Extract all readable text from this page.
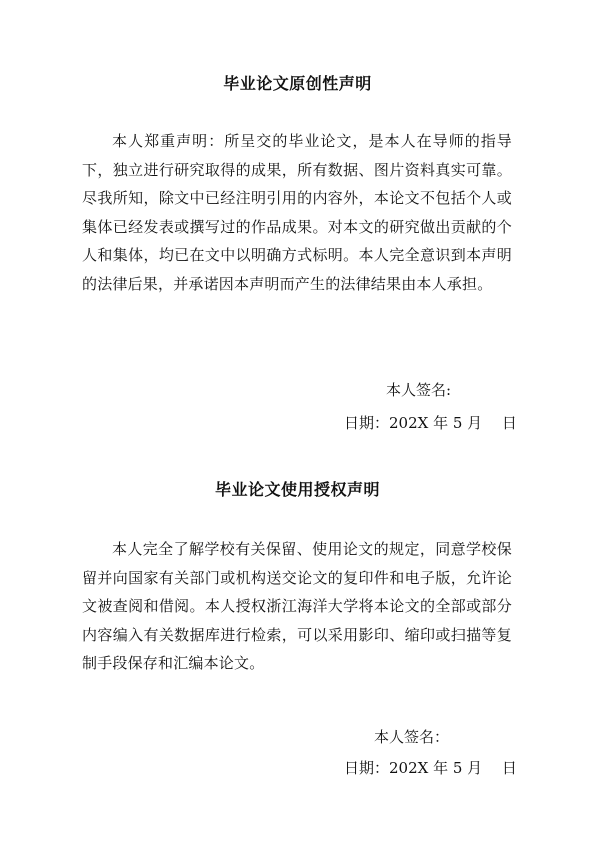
毕业论文原创性声明

本人郑重声明：所呈交的毕业论文，是本人在导师的指导下，独立进行研究取得的成果，所有数据、图片资料真实可靠。尽我所知，除文中已经注明引用的内容外，本论文不包括个人或集体已经发表或撰写过的作品成果。对本文的研究做出贡献的个人和集体，均已在文中以明确方式标明。本人完全意识到本声明的法律后果，并承诺因本声明而产生的法律结果由本人承担。

本人签名:
日期：202X 年 5 月　 日
毕业论文使用授权声明

本人完全了解学校有关保留、使用论文的规定，同意学校保留并向国家有关部门或机构送交论文的复印件和电子版，允许论文被查阅和借阅。本人授权浙江海洋大学将本论文的全部或部分内容编入有关数据库进行检索，可以采用影印、缩印或扫描等复制手段保存和汇编本论文。

本人签名：
日期：202X 年 5 月　 日
